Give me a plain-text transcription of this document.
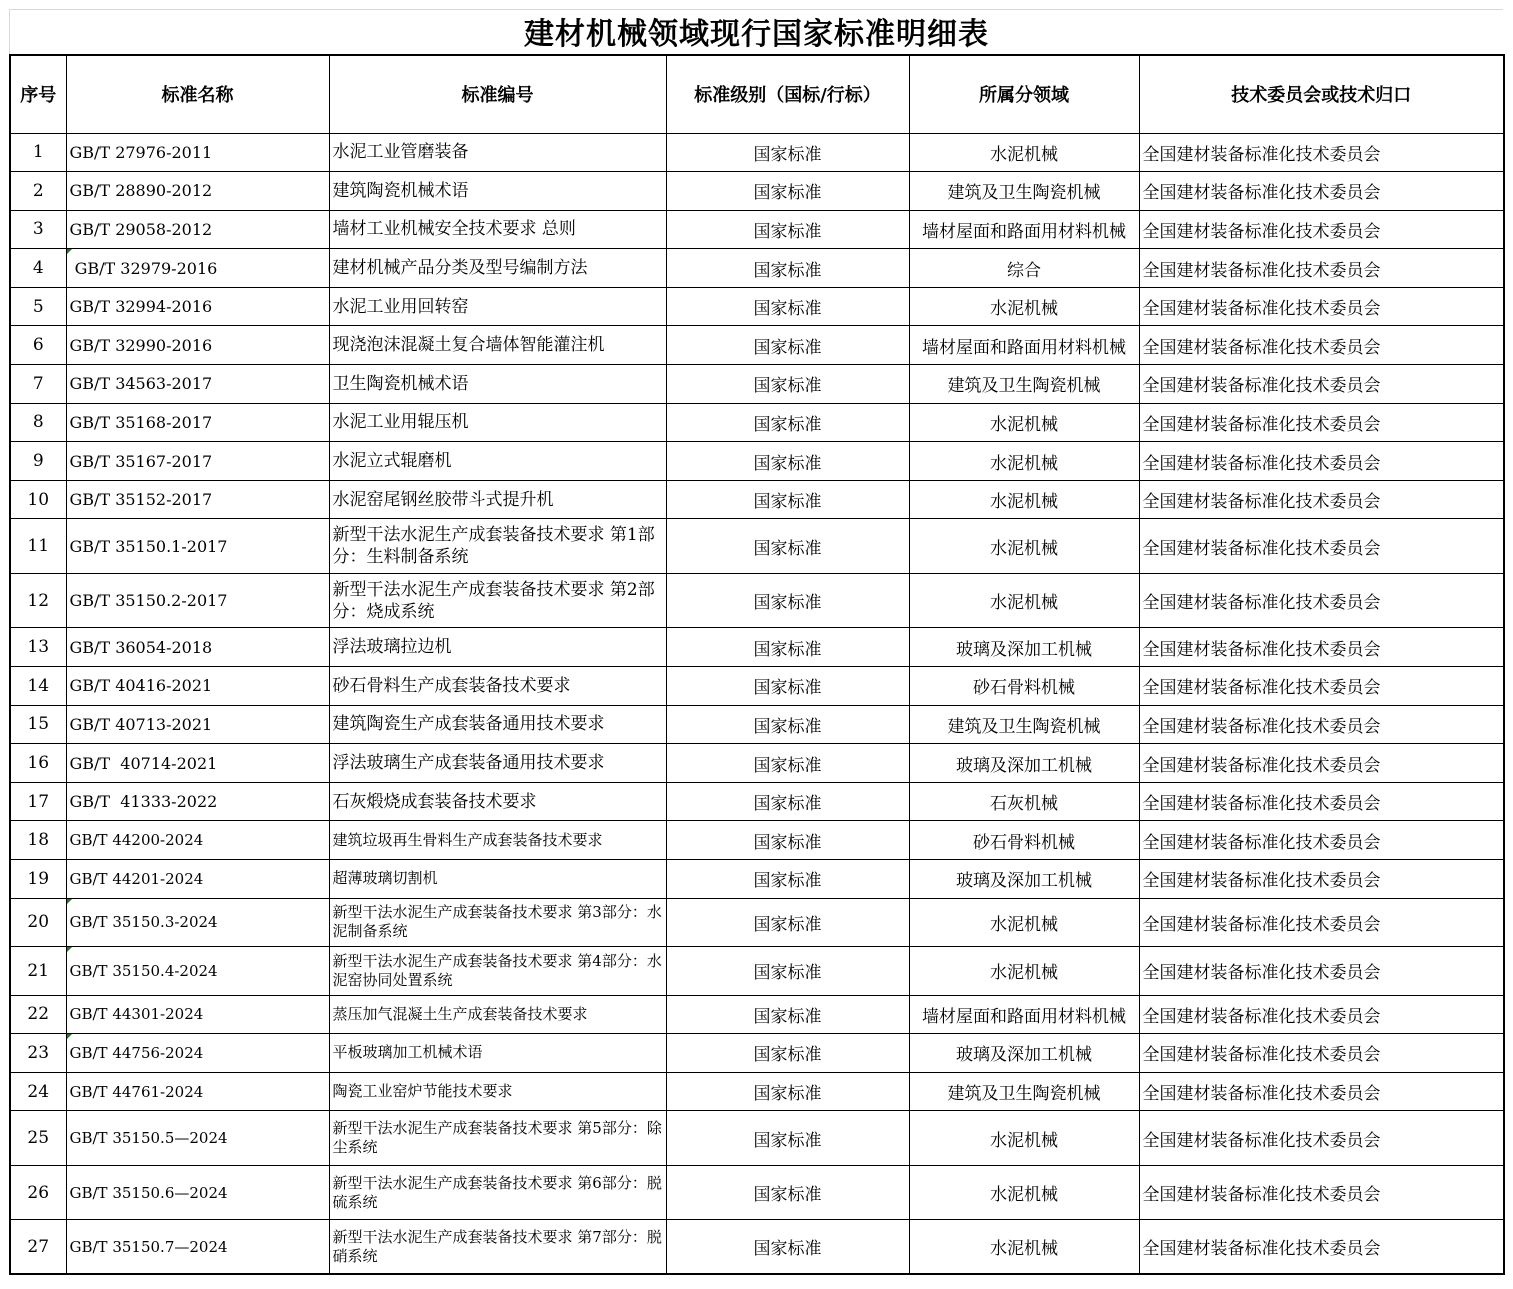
建材机械领域现行国家标准明细表
序号	标准名称	标准编号	标准级别（国标/行标）	所属分领域	技术委员会或技术归口
1	GB/T 27976-2011	水泥工业管磨装备	国家标准	水泥机械	全国建材装备标准化技术委员会
2	GB/T 28890-2012	建筑陶瓷机械术语	国家标准	建筑及卫生陶瓷机械	全国建材装备标准化技术委员会
3	GB/T 29058-2012	墙材工业机械安全技术要求 总则	国家标准	墙材屋面和路面用材料机械	全国建材装备标准化技术委员会
4	GB/T 32979-2016	建材机械产品分类及型号编制方法	国家标准	综合	全国建材装备标准化技术委员会
5	GB/T 32994-2016	水泥工业用回转窑	国家标准	水泥机械	全国建材装备标准化技术委员会
6	GB/T 32990-2016	现浇泡沫混凝土复合墙体智能灌注机	国家标准	墙材屋面和路面用材料机械	全国建材装备标准化技术委员会
7	GB/T 34563-2017	卫生陶瓷机械术语	国家标准	建筑及卫生陶瓷机械	全国建材装备标准化技术委员会
8	GB/T 35168-2017	水泥工业用辊压机	国家标准	水泥机械	全国建材装备标准化技术委员会
9	GB/T 35167-2017	水泥立式辊磨机	国家标准	水泥机械	全国建材装备标准化技术委员会
10	GB/T 35152-2017	水泥窑尾钢丝胶带斗式提升机	国家标准	水泥机械	全国建材装备标准化技术委员会
11	GB/T 35150.1-2017	新型干法水泥生产成套装备技术要求 第1部分：生料制备系统	国家标准	水泥机械	全国建材装备标准化技术委员会
12	GB/T 35150.2-2017	新型干法水泥生产成套装备技术要求 第2部分：烧成系统	国家标准	水泥机械	全国建材装备标准化技术委员会
13	GB/T 36054-2018	浮法玻璃拉边机	国家标准	玻璃及深加工机械	全国建材装备标准化技术委员会
14	GB/T 40416-2021	砂石骨料生产成套装备技术要求	国家标准	砂石骨料机械	全国建材装备标准化技术委员会
15	GB/T 40713-2021	建筑陶瓷生产成套装备通用技术要求	国家标准	建筑及卫生陶瓷机械	全国建材装备标准化技术委员会
16	GB/T  40714-2021	浮法玻璃生产成套装备通用技术要求	国家标准	玻璃及深加工机械	全国建材装备标准化技术委员会
17	GB/T  41333-2022	石灰煅烧成套装备技术要求	国家标准	石灰机械	全国建材装备标准化技术委员会
18	GB/T 44200-2024	建筑垃圾再生骨料生产成套装备技术要求	国家标准	砂石骨料机械	全国建材装备标准化技术委员会
19	GB/T 44201-2024	超薄玻璃切割机	国家标准	玻璃及深加工机械	全国建材装备标准化技术委员会
20	GB/T 35150.3-2024	新型干法水泥生产成套装备技术要求 第3部分：水泥制备系统	国家标准	水泥机械	全国建材装备标准化技术委员会
21	GB/T 35150.4-2024	新型干法水泥生产成套装备技术要求 第4部分：水泥窑协同处置系统	国家标准	水泥机械	全国建材装备标准化技术委员会
22	GB/T 44301-2024	蒸压加气混凝土生产成套装备技术要求	国家标准	墙材屋面和路面用材料机械	全国建材装备标准化技术委员会
23	GB/T 44756-2024	平板玻璃加工机械术语	国家标准	玻璃及深加工机械	全国建材装备标准化技术委员会
24	GB/T 44761-2024	陶瓷工业窑炉节能技术要求	国家标准	建筑及卫生陶瓷机械	全国建材装备标准化技术委员会
25	GB/T 35150.5—2024	新型干法水泥生产成套装备技术要求 第5部分：除尘系统	国家标准	水泥机械	全国建材装备标准化技术委员会
26	GB/T 35150.6—2024	新型干法水泥生产成套装备技术要求 第6部分：脱硫系统	国家标准	水泥机械	全国建材装备标准化技术委员会
27	GB/T 35150.7—2024	新型干法水泥生产成套装备技术要求 第7部分：脱硝系统	国家标准	水泥机械	全国建材装备标准化技术委员会
